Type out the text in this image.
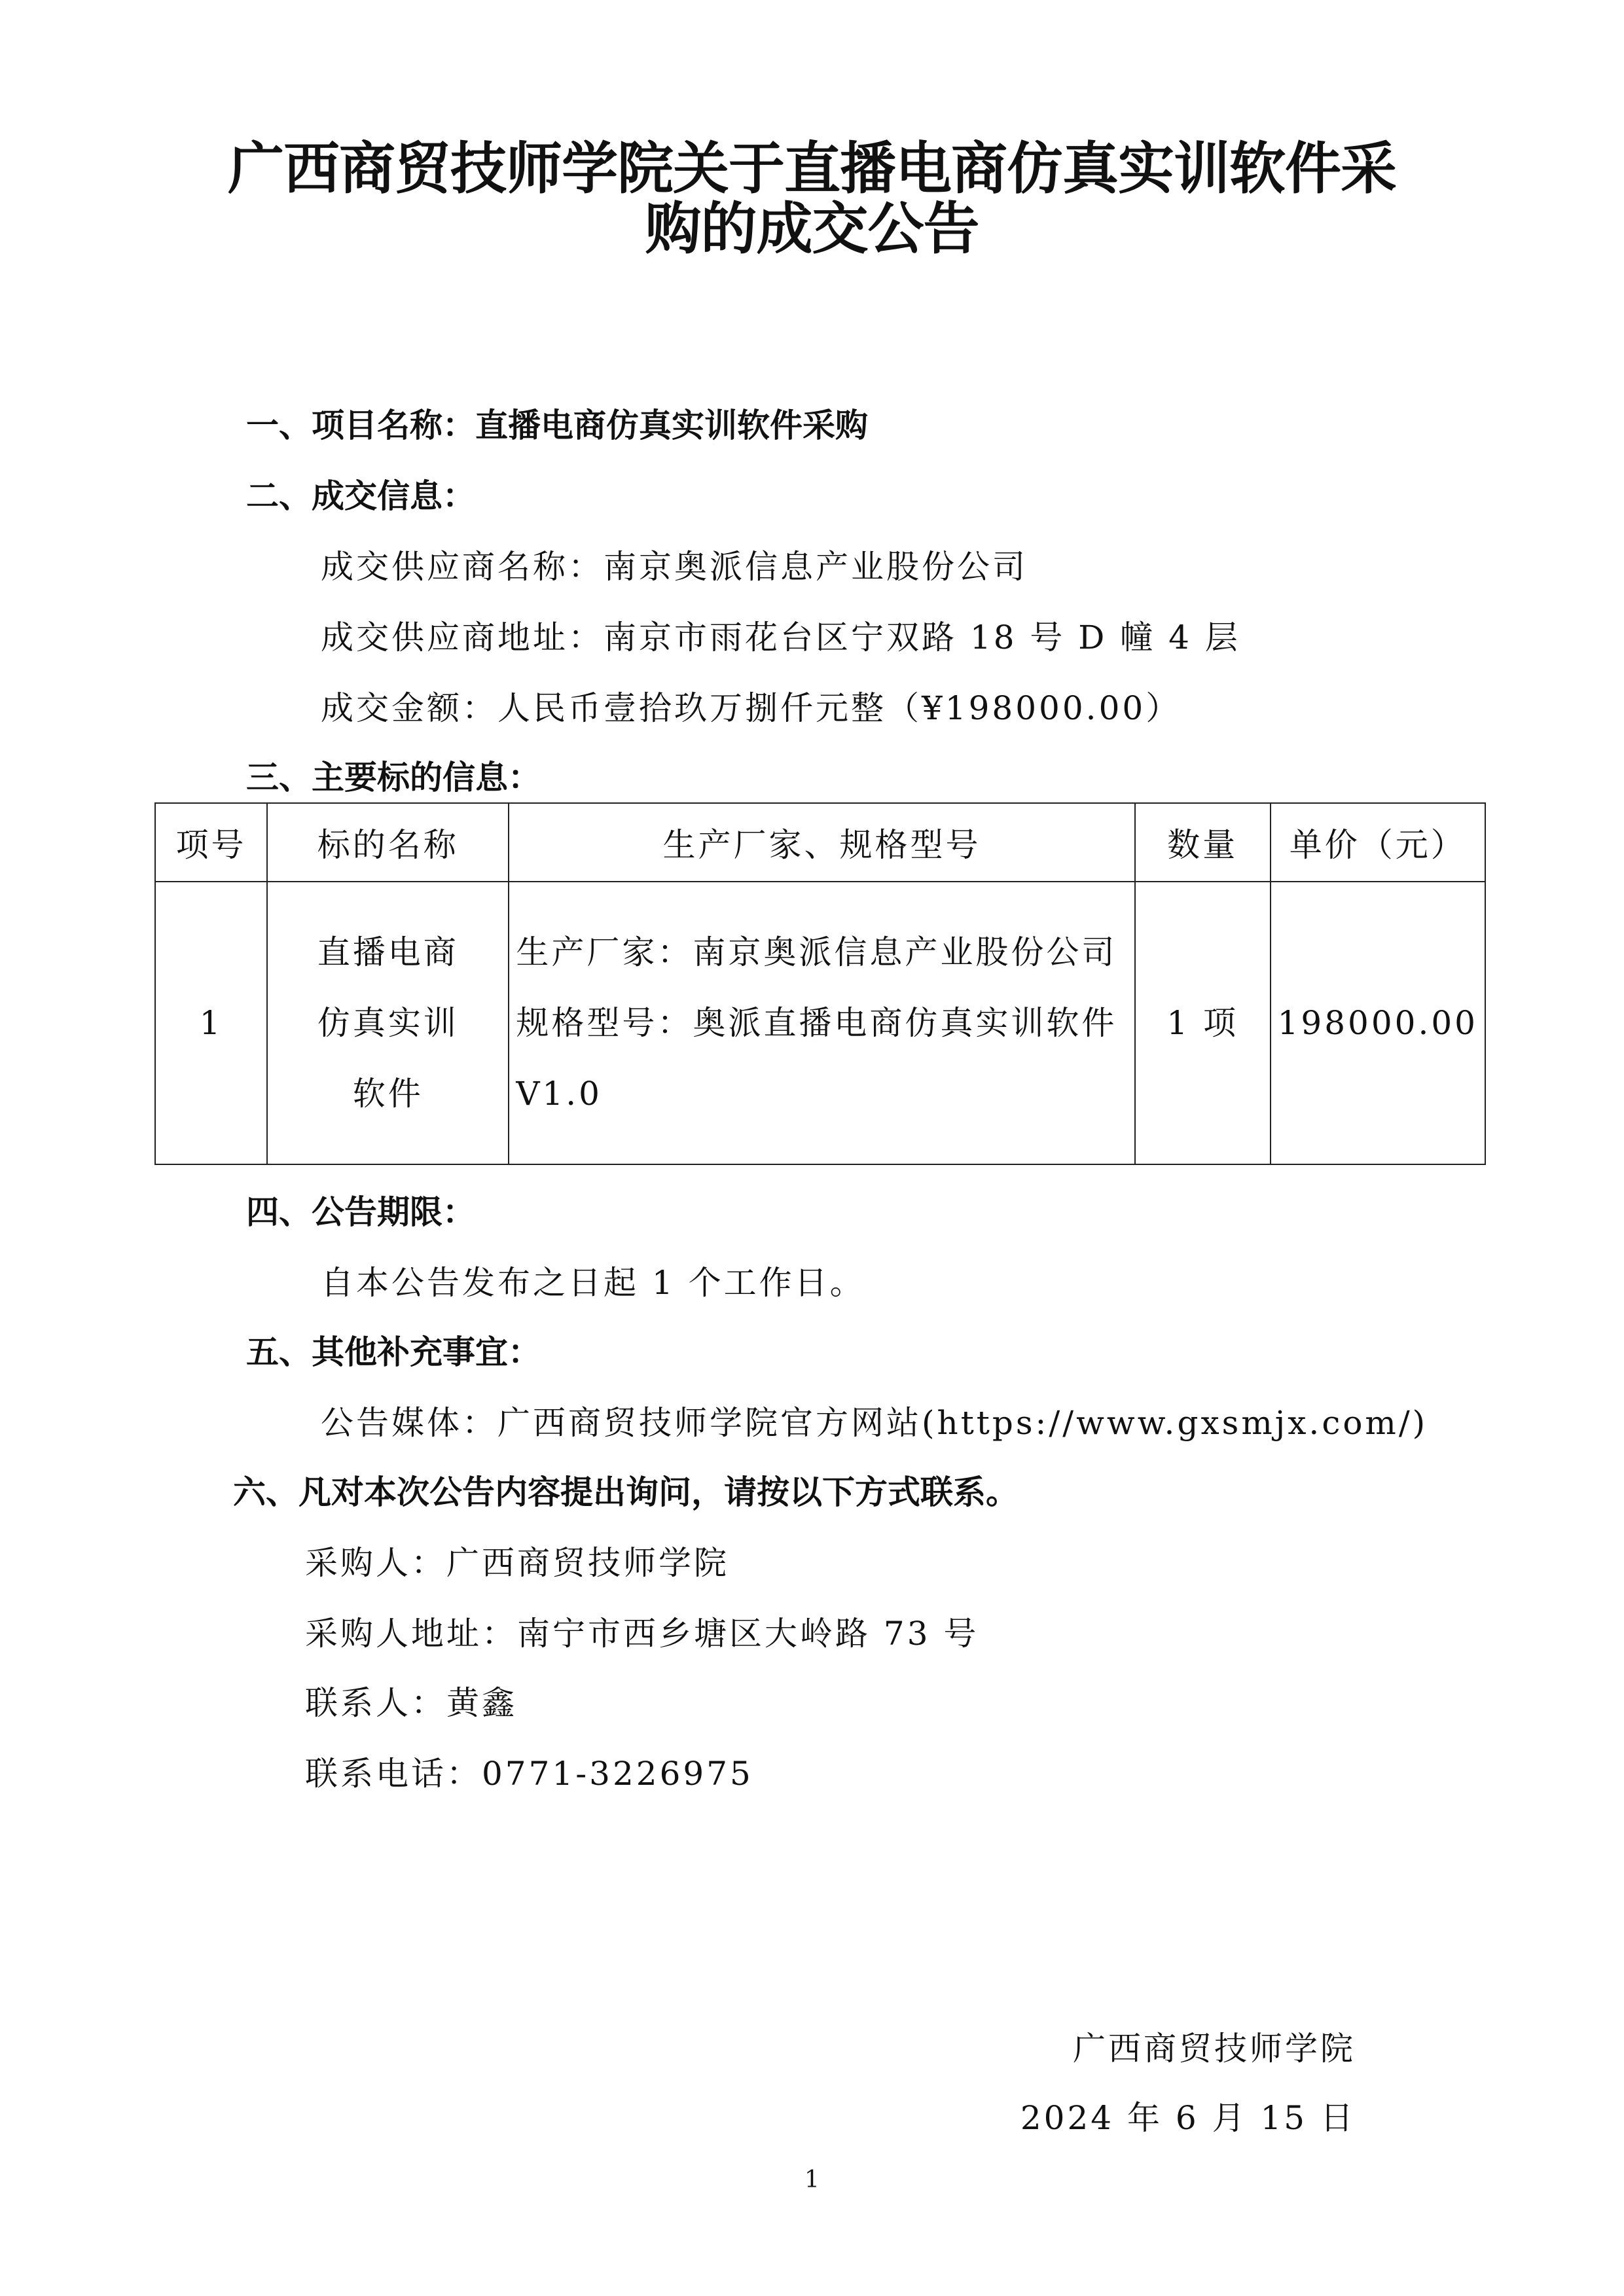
广西商贸技师学院关于直播电商仿真实训软件采
购的成交公告
一、项目名称：直播电商仿真实训软件采购
二、成交信息：
成交供应商名称：南京奥派信息产业股份公司
成交供应商地址：南京市雨花台区宁双路 18 号 D 幢 4 层
成交金额：人民币壹拾玖万捌仟元整（¥198000.00）
三、主要标的信息：
项号	标的名称	生产厂家、规格型号	数量	单价（元）
1	直播电商仿真实训软件	生产厂家：南京奥派信息产业股份公司
规格型号：奥派直播电商仿真实训软件 V1.0	1 项	198000.00
四、公告期限：
自本公告发布之日起 1 个工作日。
五、其他补充事宜：
公告媒体：广西商贸技师学院官方网站(https://www.gxsmjx.com/)
六、凡对本次公告内容提出询问，请按以下方式联系。
采购人：广西商贸技师学院
采购人地址：南宁市西乡塘区大岭路 73 号
联系人：黄鑫
联系电话：0771-3226975
广西商贸技师学院
2024 年 6 月 15 日
1
